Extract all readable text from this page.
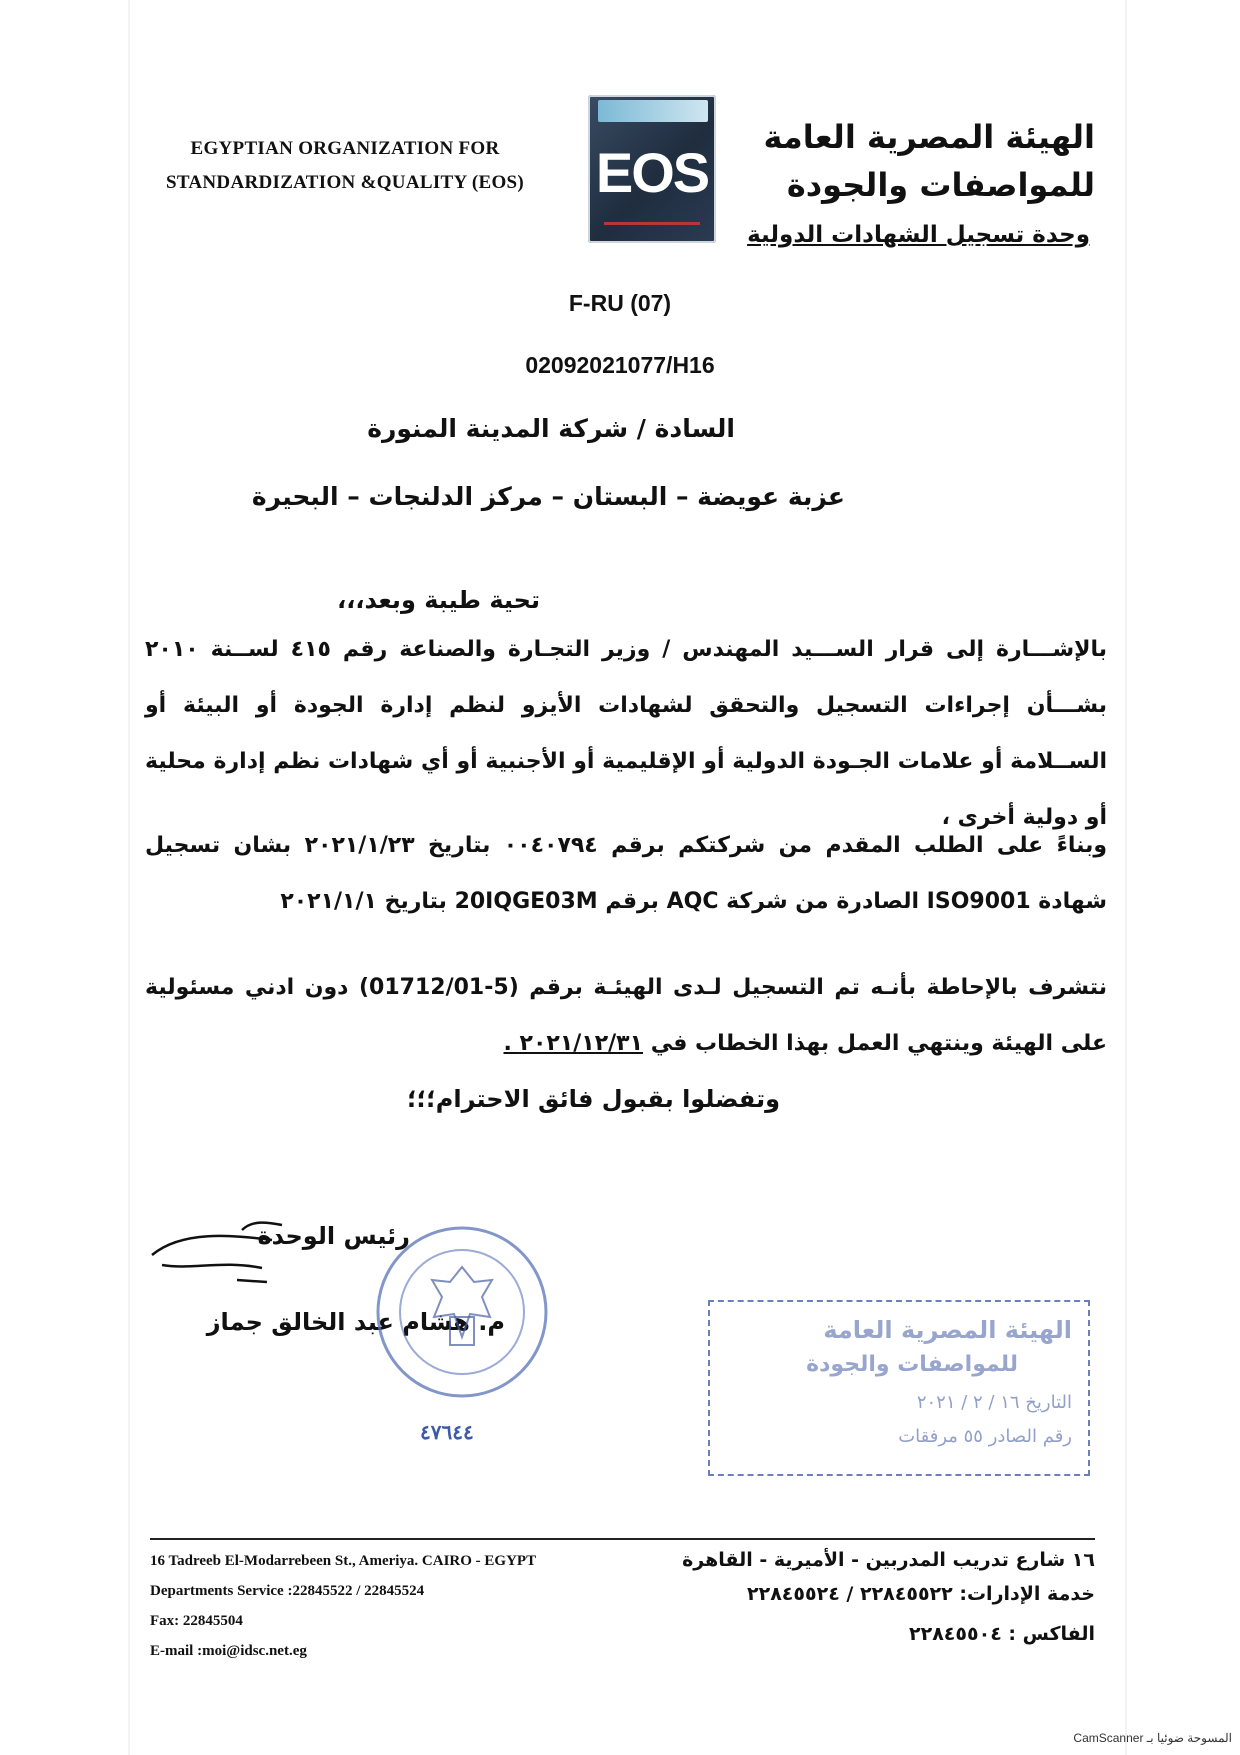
EGYPTIAN ORGANIZATION FOR
STANDARDIZATION &QUALITY (EOS) EOS
الهيئة المصرية العامة
للمواصفات والجودة
وحدة تسجيل الشهادات الدولية
F-RU (07)
02092021077/H16
السادة / شركة المدينة المنورة
عزبة عويضة – البستان – مركز الدلنجات – البحيرة
تحية طيبة وبعد،،،
بالإشـــارة إلى قرار الســـيد المهندس / وزير التجـارة والصناعة رقم ٤١٥ لســنة ٢٠١٠ بشـــأن إجراءات التسجيل والتحقق لشهادات الأيزو لنظم إدارة الجودة أو البيئة أو الســلامة أو علامات الجـودة الدولية أو الإقليمية أو الأجنبية أو أي شهادات نظم إدارة محلية أو دولية أخرى ،
وبناءً على الطلب المقدم من شركتكم برقم ٠٠٤٠٧٩٤ بتاريخ ٢٠٢١/١/٢٣ بشان تسجيل شهادة ISO9001 الصادرة من شركة AQC برقم 20IQGE03M بتاريخ ٢٠٢١/١/١
نتشرف بالإحاطة بأنـه تم التسجيل لـدى الهيئـة برقم (5-01712/01) دون ادني مسئولية على الهيئة وينتهي العمل بهذا الخطاب في ٢٠٢١/١٢/٣١ .
وتفضلوا بقبول فائق الاحترام؛؛؛
رئيس الوحدة
م. هشام عبد الخالق جماز
٤٧٦٤٤
الهيئة المصرية العامة
للمواصفات والجودة
التاريخ ١٦ / ٢ / ٢٠٢١
رقم الصادر ٥٥ مرفقات
16 Tadreeb El-Modarrebeen St., Ameriya. CAIRO - EGYPT
Departments Service :22845522 / 22845524
Fax: 22845504
E-mail :moi@idsc.net.eg
١٦ شارع تدريب المدربين - الأميرية - القاهرة
خدمة الإدارات: ٢٢٨٤٥٥٢٢ / ٢٢٨٤٥٥٢٤
الفاكس : ٢٢٨٤٥٥٠٤
CamScanner المسوحة ضوئيا بـ
